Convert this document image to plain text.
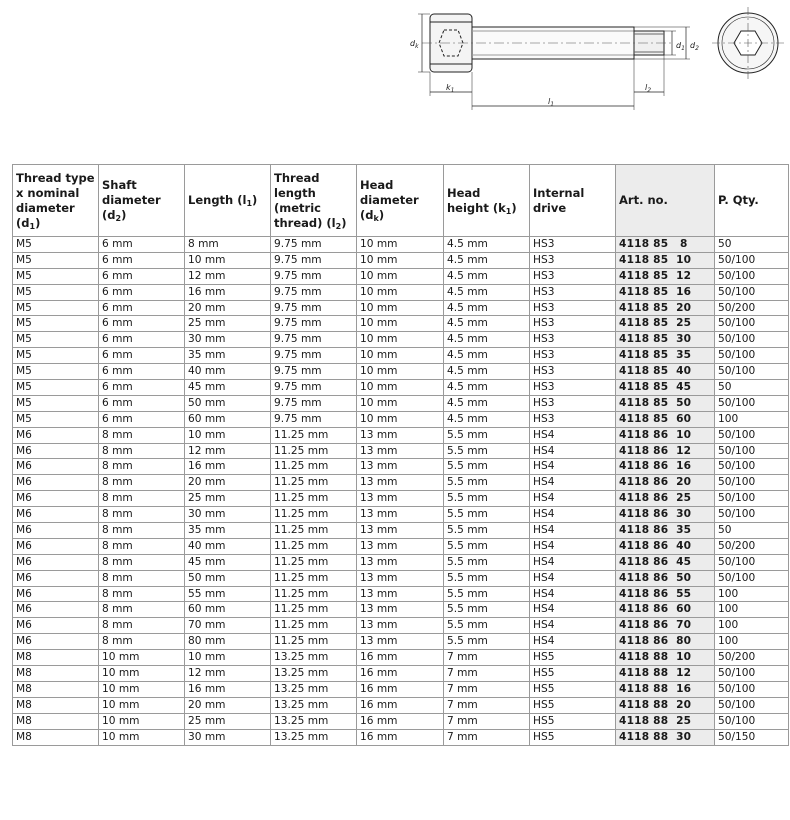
$d_k$	$d_1$ $d_2$
$k_1$
$l_1$
$l_2$
Thread type x nominal diameter $(d_1)$	Shaft diameter $(d_2)$	Length $(l_1)$	Thread length (metric thread) $(l_2)$	Head diameter $(d_k)$	Head height $(k_1)$	Internal drive	Art. no.	P. Qty.
M5	6 mm	8 mm	9.75 mm	10 mm	4.5 mm	HS3	4118 85   8	50
M5	6 mm	10 mm	9.75 mm	10 mm	4.5 mm	HS3	4118 85  10	50/100
M5	6 mm	12 mm	9.75 mm	10 mm	4.5 mm	HS3	4118 85  12	50/100
M5	6 mm	16 mm	9.75 mm	10 mm	4.5 mm	HS3	4118 85  16	50/100
M5	6 mm	20 mm	9.75 mm	10 mm	4.5 mm	HS3	4118 85  20	50/200
M5	6 mm	25 mm	9.75 mm	10 mm	4.5 mm	HS3	4118 85  25	50/100
M5	6 mm	30 mm	9.75 mm	10 mm	4.5 mm	HS3	4118 85  30	50/100
M5	6 mm	35 mm	9.75 mm	10 mm	4.5 mm	HS3	4118 85  35	50/100
M5	6 mm	40 mm	9.75 mm	10 mm	4.5 mm	HS3	4118 85  40	50/100
M5	6 mm	45 mm	9.75 mm	10 mm	4.5 mm	HS3	4118 85  45	50
M5	6 mm	50 mm	9.75 mm	10 mm	4.5 mm	HS3	4118 85  50	50/100
M5	6 mm	60 mm	9.75 mm	10 mm	4.5 mm	HS3	4118 85  60	100
M6	8 mm	10 mm	11.25 mm	13 mm	5.5 mm	HS4	4118 86  10	50/100
M6	8 mm	12 mm	11.25 mm	13 mm	5.5 mm	HS4	4118 86  12	50/100
M6	8 mm	16 mm	11.25 mm	13 mm	5.5 mm	HS4	4118 86  16	50/100
M6	8 mm	20 mm	11.25 mm	13 mm	5.5 mm	HS4	4118 86  20	50/100
M6	8 mm	25 mm	11.25 mm	13 mm	5.5 mm	HS4	4118 86  25	50/100
M6	8 mm	30 mm	11.25 mm	13 mm	5.5 mm	HS4	4118 86  30	50/100
M6	8 mm	35 mm	11.25 mm	13 mm	5.5 mm	HS4	4118 86  35	50
M6	8 mm	40 mm	11.25 mm	13 mm	5.5 mm	HS4	4118 86  40	50/200
M6	8 mm	45 mm	11.25 mm	13 mm	5.5 mm	HS4	4118 86  45	50/100
M6	8 mm	50 mm	11.25 mm	13 mm	5.5 mm	HS4	4118 86  50	50/100
M6	8 mm	55 mm	11.25 mm	13 mm	5.5 mm	HS4	4118 86  55	100
M6	8 mm	60 mm	11.25 mm	13 mm	5.5 mm	HS4	4118 86  60	100
M6	8 mm	70 mm	11.25 mm	13 mm	5.5 mm	HS4	4118 86  70	100
M6	8 mm	80 mm	11.25 mm	13 mm	5.5 mm	HS4	4118 86  80	100
M8	10 mm	10 mm	13.25 mm	16 mm	7 mm	HS5	4118 88  10	50/200
M8	10 mm	12 mm	13.25 mm	16 mm	7 mm	HS5	4118 88  12	50/100
M8	10 mm	16 mm	13.25 mm	16 mm	7 mm	HS5	4118 88  16	50/100
M8	10 mm	20 mm	13.25 mm	16 mm	7 mm	HS5	4118 88  20	50/100
M8	10 mm	25 mm	13.25 mm	16 mm	7 mm	HS5	4118 88  25	50/100
M8	10 mm	30 mm	13.25 mm	16 mm	7 mm	HS5	4118 88  30	50/150
